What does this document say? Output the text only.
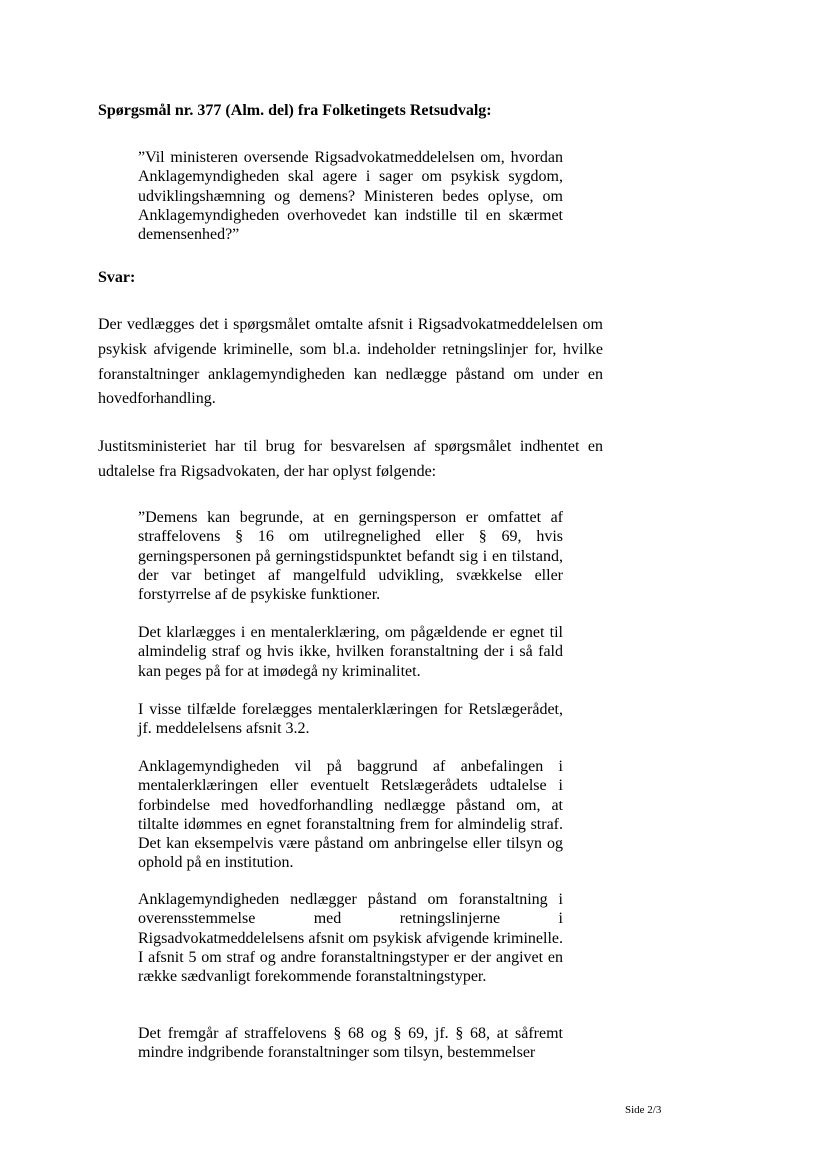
Spørgsmål nr. 377 (Alm. del) fra Folketingets Retsudvalg:

”Vil ministeren oversende Rigsadvokatmeddelelsen om, hvordan Anklagemyndigheden skal agere i sager om psykisk sygdom, udviklingshæmning og demens? Ministeren bedes oplyse, om Anklagemyndigheden overhovedet kan indstille til en skærmet demensenhed?”

Svar:

Der vedlægges det i spørgsmålet omtalte afsnit i Rigsadvokatmeddelelsen om psykisk afvigende kriminelle, som bl.a. indeholder retningslinjer for, hvilke foranstaltninger anklagemyndigheden kan nedlægge påstand om under en hovedforhandling.

Justitsministeriet har til brug for besvarelsen af spørgsmålet indhentet en udtalelse fra Rigsadvokaten, der har oplyst følgende:

”Demens kan begrunde, at en gerningsperson er omfattet af straffelovens § 16 om utilregnelighed eller § 69, hvis gerningspersonen på gerningstidspunktet befandt sig i en tilstand, der var betinget af mangelfuld udvikling, svækkelse eller forstyrrelse af de psykiske funktioner.

Det klarlægges i en mentalerklæring, om pågældende er egnet til almindelig straf og hvis ikke, hvilken foranstaltning der i så fald kan peges på for at imødegå ny kriminalitet.

I visse tilfælde forelægges mentalerklæringen for Retslægerådet, jf. meddelelsens afsnit 3.2.

Anklagemyndigheden vil på baggrund af anbefalingen i mentalerklæringen eller eventuelt Retslægerådets udtalelse i forbindelse med hovedforhandling nedlægge påstand om, at tiltalte idømmes en egnet foranstaltning frem for almindelig straf. Det kan eksempelvis være påstand om anbringelse eller tilsyn og ophold på en institution.

Anklagemyndigheden nedlægger påstand om foranstaltning i overensstemmelse med retningslinjerne i Rigsadvokatmeddelelsens afsnit om psykisk afvigende kriminelle. I afsnit 5 om straf og andre foranstaltningstyper er der angivet en række sædvanligt forekommende foranstaltningstyper.

Det fremgår af straffelovens § 68 og § 69, jf. § 68, at såfremt mindre indgribende foranstaltninger som tilsyn, bestemmelser

Side 2/3
